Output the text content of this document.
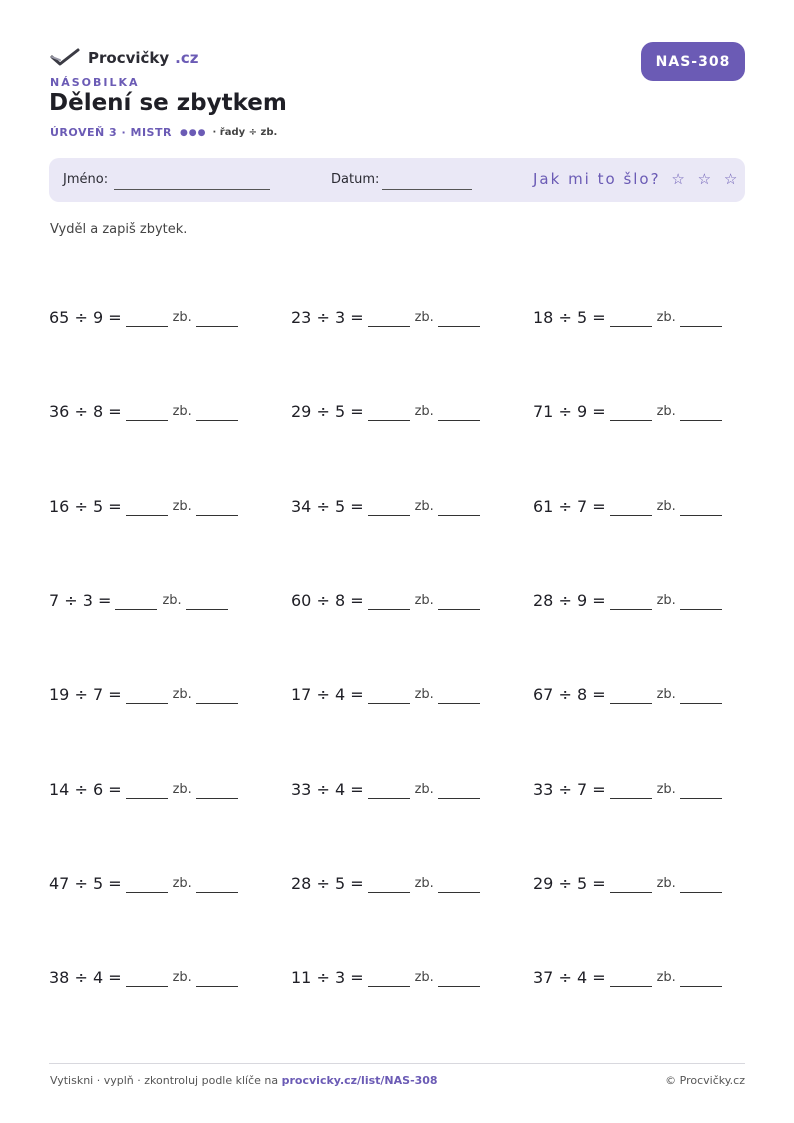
Procvičky .cz	NAS-308
NÁSOBILKA
Dělení se zbytkem
ÚROVEŇ 3 · MISTR ●●● · řady ÷ zb.
Jméno:	Datum:	Jak mi to šlo? ☆ ☆ ☆
Vyděl a zapiš zbytek.
65 ÷ 9 =	zb.	23 ÷ 3 =	zb.	18 ÷ 5 =	zb.
36 ÷ 8 =	zb.	29 ÷ 5 =	zb.	71 ÷ 9 =	zb.
16 ÷ 5 =	zb.	34 ÷ 5 =	zb.	61 ÷ 7 =	zb.
7 ÷ 3 =	zb.	60 ÷ 8 =	zb.	28 ÷ 9 =	zb.
19 ÷ 7 =	zb.	17 ÷ 4 =	zb.	67 ÷ 8 =	zb.
14 ÷ 6 =	zb.	33 ÷ 4 =	zb.	33 ÷ 7 =	zb.
47 ÷ 5 =	zb.	28 ÷ 5 =	zb.	29 ÷ 5 =	zb.
38 ÷ 4 =	zb.	11 ÷ 3 =	zb.	37 ÷ 4 =	zb.
Vytiskni · vyplň · zkontroluj podle klíče na procvicky.cz/list/NAS-308	© Procvičky.cz
